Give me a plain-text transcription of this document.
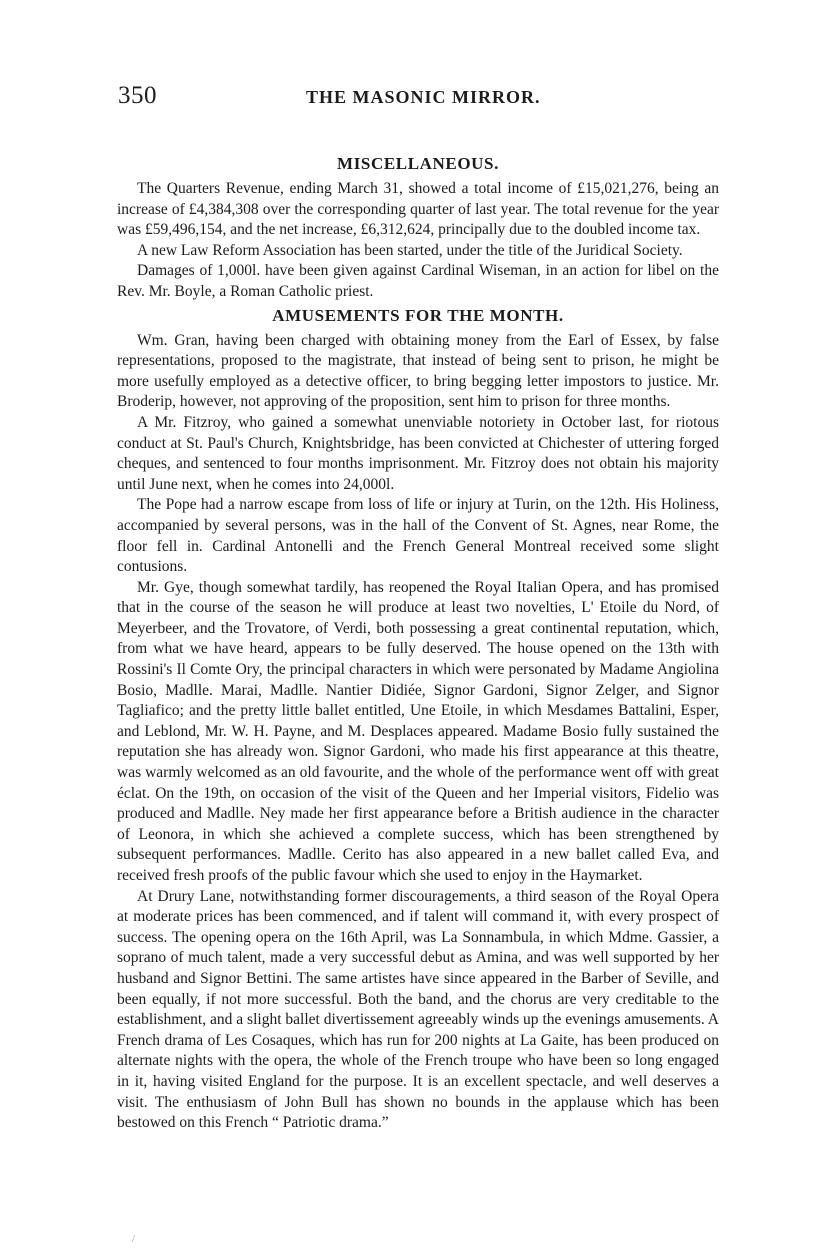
350	THE MASONIC MIRROR.
MISCELLANEOUS.

The Quarters Revenue, ending March 31, showed a total income of £15,021,276, being an increase of £4,384,308 over the corresponding quarter of last year. The total revenue for the year was £59,496,154, and the net increase, £6,312,624, principally due to the doubled income tax.

A new Law Reform Association has been started, under the title of the Juridical Society.

Damages of 1,000l. have been given against Cardinal Wiseman, in an action for libel on the Rev. Mr. Boyle, a Roman Catholic priest.

AMUSEMENTS FOR THE MONTH.

Wm. Gran, having been charged with obtaining money from the Earl of Essex, by false representations, proposed to the magistrate, that instead of being sent to prison, he might be more usefully employed as a detective officer, to bring begging letter impostors to justice. Mr. Broderip, however, not approving of the proposition, sent him to prison for three months.

A Mr. Fitzroy, who gained a somewhat unenviable notoriety in October last, for riotous conduct at St. Paul's Church, Knightsbridge, has been convicted at Chichester of uttering forged cheques, and sentenced to four months imprisonment. Mr. Fitzroy does not obtain his majority until June next, when he comes into 24,000l.

The Pope had a narrow escape from loss of life or injury at Turin, on the 12th. His Holiness, accompanied by several persons, was in the hall of the Convent of St. Agnes, near Rome, the floor fell in. Cardinal Antonelli and the French General Montreal received some slight contusions.

Mr. Gye, though somewhat tardily, has reopened the Royal Italian Opera, and has promised that in the course of the season he will produce at least two novelties, L' Etoile du Nord, of Meyerbeer, and the Trovatore, of Verdi, both possessing a great continental reputation, which, from what we have heard, appears to be fully deserved. The house opened on the 13th with Rossini's Il Comte Ory, the principal characters in which were personated by Madame Angiolina Bosio, Madlle. Marai, Madlle. Nantier Didiée, Signor Gardoni, Signor Zelger, and Signor Tagliafico; and the pretty little ballet entitled, Une Etoile, in which Mesdames Battalini, Esper, and Leblond, Mr. W. H. Payne, and M. Desplaces appeared. Madame Bosio fully sustained the reputation she has already won. Signor Gardoni, who made his first appearance at this theatre, was warmly welcomed as an old favourite, and the whole of the performance went off with great éclat. On the 19th, on occasion of the visit of the Queen and her Imperial visitors, Fidelio was produced and Madlle. Ney made her first appearance before a British audience in the character of Leonora, in which she achieved a complete success, which has been strengthened by subsequent performances. Madlle. Cerito has also appeared in a new ballet called Eva, and received fresh proofs of the public favour which she used to enjoy in the Haymarket.

At Drury Lane, notwithstanding former discouragements, a third season of the Royal Opera at moderate prices has been commenced, and if talent will command it, with every prospect of success. The opening opera on the 16th April, was La Sonnambula, in which Mdme. Gassier, a soprano of much talent, made a very successful debut as Amina, and was well supported by her husband and Signor Bettini. The same artistes have since appeared in the Barber of Seville, and been equally, if not more successful. Both the band, and the chorus are very creditable to the establishment, and a slight ballet divertissement agreeably winds up the evenings amusements. A French drama of Les Cosaques, which has run for 200 nights at La Gaite, has been produced on alternate nights with the opera, the whole of the French troupe who have been so long engaged in it, having visited England for the purpose. It is an excellent spectacle, and well deserves a visit. The enthusiasm of John Bull has shown no bounds in the applause which has been bestowed on this French “ Patriotic drama.”

/
